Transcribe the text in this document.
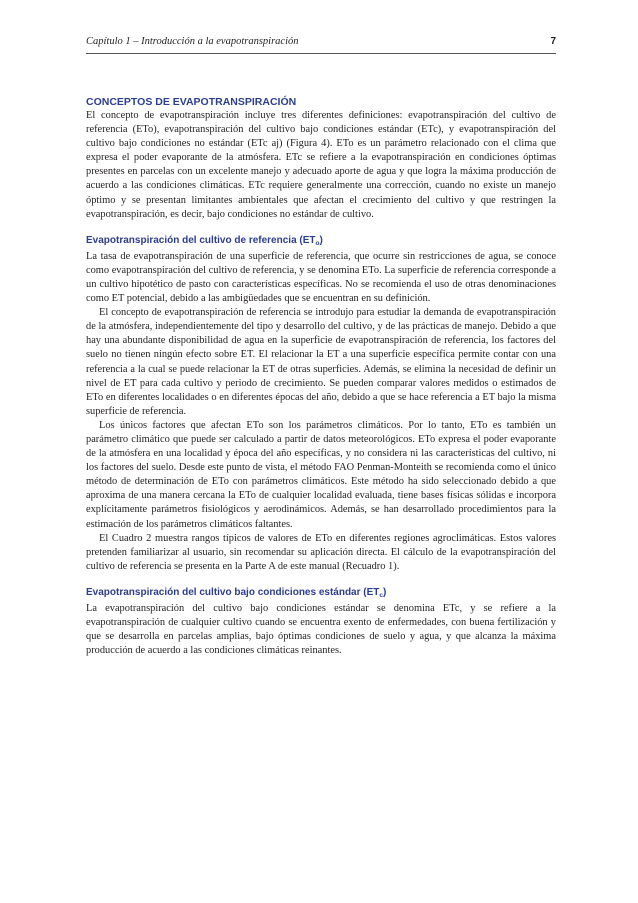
Capítulo 1 – Introducción a la evapotranspiración	7
CONCEPTOS DE EVAPOTRANSPIRACIÓN

El concepto de evapotranspiración incluye tres diferentes definiciones: evapotranspiración del cultivo de referencia (ETo), evapotranspiración del cultivo bajo condiciones estándar (ETc), y evapotranspiración del cultivo bajo condiciones no estándar (ETc aj) (Figura 4). ETo es un parámetro relacionado con el clima que expresa el poder evaporante de la atmósfera. ETc se refiere a la evapotranspiración en condiciones óptimas presentes en parcelas con un excelente manejo y adecuado aporte de agua y que logra la máxima producción de acuerdo a las condiciones climáticas. ETc requiere generalmente una corrección, cuando no existe un manejo óptimo y se presentan limitantes ambientales que afectan el crecimiento del cultivo y que restringen la evapotranspiración, es decir, bajo condiciones no estándar de cultivo.

Evapotranspiración del cultivo de referencia $(ET_o)$

La tasa de evapotranspiración de una superficie de referencia, que ocurre sin restricciones de agua, se conoce como evapotranspiración del cultivo de referencia, y se denomina ETo. La superficie de referencia corresponde a un cultivo hipotético de pasto con características específicas. No se recomienda el uso de otras denominaciones como ET potencial, debido a las ambigüedades que se encuentran en su definición.

El concepto de evapotranspiración de referencia se introdujo para estudiar la demanda de evapotranspiración de la atmósfera, independientemente del tipo y desarrollo del cultivo, y de las prácticas de manejo. Debido a que hay una abundante disponibilidad de agua en la superficie de evapotranspiración de referencia, los factores del suelo no tienen ningún efecto sobre ET. El relacionar la ET a una superficie específica permite contar con una referencia a la cual se puede relacionar la ET de otras superficies. Además, se elimina la necesidad de definir un nivel de ET para cada cultivo y periodo de crecimiento. Se pueden comparar valores medidos o estimados de ETo en diferentes localidades o en diferentes épocas del año, debido a que se hace referencia a ET bajo la misma superficie de referencia.

Los únicos factores que afectan ETo son los parámetros climáticos. Por lo tanto, ETo es también un parámetro climático que puede ser calculado a partir de datos meteorológicos. ETo expresa el poder evaporante de la atmósfera en una localidad y época del año específicas, y no considera ni las características del cultivo, ni los factores del suelo. Desde este punto de vista, el método FAO Penman-Monteith se recomienda como el único método de determinación de ETo con parámetros climáticos. Este método ha sido seleccionado debido a que aproxima de una manera cercana la ETo de cualquier localidad evaluada, tiene bases físicas sólidas e incorpora explícitamente parámetros fisiológicos y aerodinámicos. Además, se han desarrollado procedimientos para la estimación de los parámetros climáticos faltantes.

El Cuadro 2 muestra rangos típicos de valores de ETo en diferentes regiones agroclimáticas. Estos valores pretenden familiarizar al usuario, sin recomendar su aplicación directa. El cálculo de la evapotranspiración del cultivo de referencia se presenta en la Parte A de este manual (Recuadro 1).

Evapotranspiración del cultivo bajo condiciones estándar $(ET_c)$

La evapotranspiración del cultivo bajo condiciones estándar se denomina ETc, y se refiere a la evapotranspiración de cualquier cultivo cuando se encuentra exento de enfermedades, con buena fertilización y que se desarrolla en parcelas amplias, bajo óptimas condiciones de suelo y agua, y que alcanza la máxima producción de acuerdo a las condiciones climáticas reinantes.
